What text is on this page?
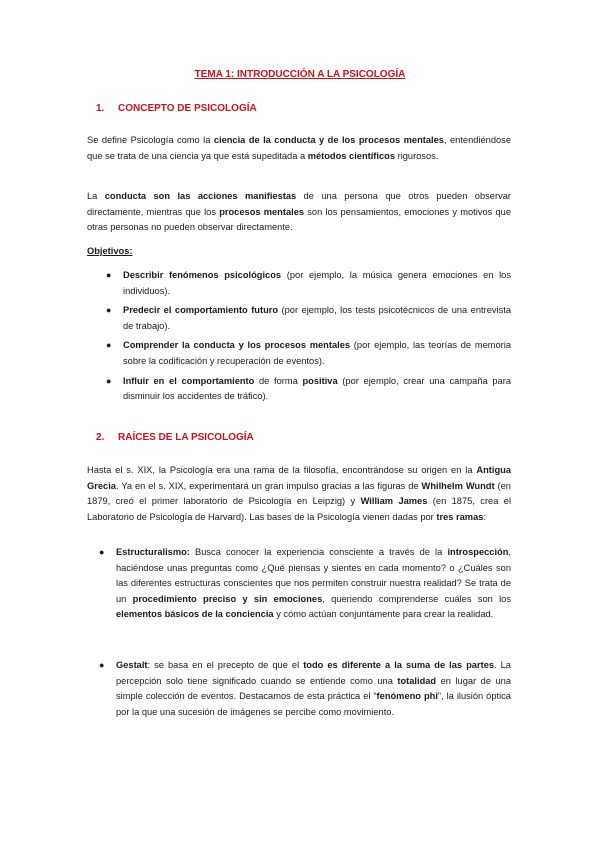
TEMA 1: INTRODUCCIÓN A LA PSICOLOGÍA
1. CONCEPTO DE PSICOLOGÍA

Se define Psicología como la ciencia de la conducta y de los procesos mentales, entendiéndose que se trata de una ciencia ya que está supeditada a métodos científicos rigurosos.

La conducta son las acciones manifiestas de una persona que otros pueden observar directamente, mientras que los procesos mentales son los pensamientos, emociones y motivos que otras personas no pueden observar directamente.

Objetivos:
● Describir fenómenos psicológicos (por ejemplo, la música genera emociones en los individuos).
● Predecir el comportamiento futuro (por ejemplo, los tests psicotécnicos de una entrevista de trabajo).
● Comprender la conducta y los procesos mentales (por ejemplo, las teorías de memoria sobre la codificación y recuperación de eventos).
● Influir en el comportamiento de forma positiva (por ejemplo, crear una campaña para disminuir los accidentes de tráfico).
2. RAÍCES DE LA PSICOLOGÍA

Hasta el s. XIX, la Psicología era una rama de la filosofía, encontrándose su origen en la Antigua Grecia. Ya en el s. XIX, experimentará un gran impulso gracias a las figuras de Whilhelm Wundt (en 1879, creó el primer laboratorio de Psicología en Leipzig) y William James (en 1875, crea el Laboratorio de Psicología de Harvard). Las bases de la Psicología vienen dadas por tres ramas:

● Estructuralismo: Busca conocer la experiencia consciente a través de la introspección, haciéndose unas preguntas como ¿Qué piensas y sientes en cada momento? o ¿Cuáles son las diferentes estructuras conscientes que nos permiten construir nuestra realidad? Se trata de un procedimiento preciso y sin emociones, queriendo comprenderse cuáles son los elementos básicos de la conciencia y cómo actúan conjuntamente para crear la realidad.
● Gestalt: se basa en el precepto de que el todo es diferente a la suma de las partes. La percepción solo tiene significado cuando se entiende como una totalidad en lugar de una simple colección de eventos. Destacamos de esta práctica el “fenómeno phi”, la ilusión óptica por la que una sucesión de imágenes se percibe como movimiento.
